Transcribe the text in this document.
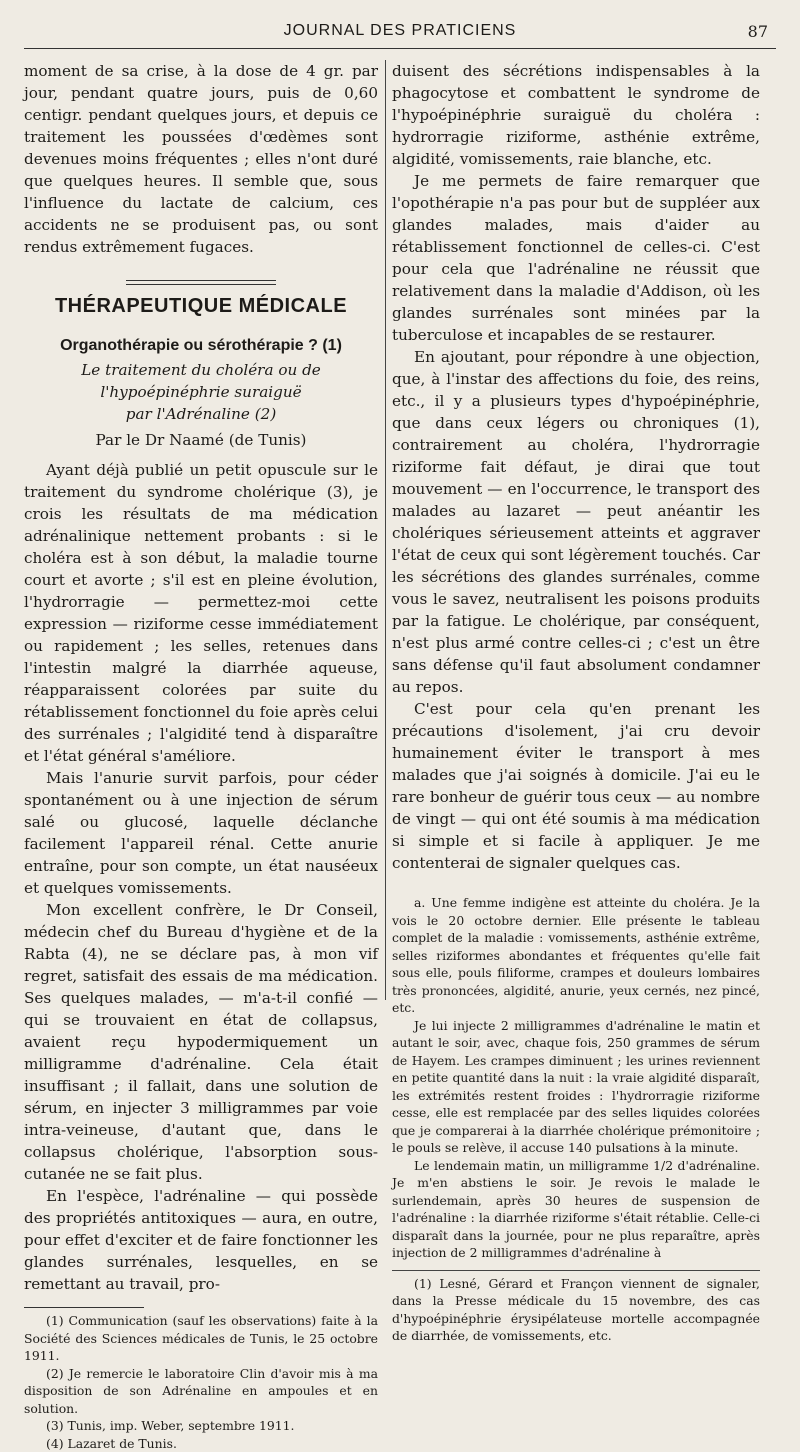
JOURNAL DES PRATICIENS	87

moment de sa crise, à la dose de 4 gr. par jour, pendant quatre jours, puis de 0,60 centigr. pendant quelques jours, et depuis ce traitement les poussées d'œdèmes sont devenues moins fréquentes ; elles n'ont duré que quelques heures. Il semble que, sous l'influence du lactate de calcium, ces accidents ne se produisent pas, ou sont rendus extrêmement fugaces.

THÉRAPEUTIQUE MÉDICALE
Organothérapie ou sérothérapie ? (1)

Le traitement du choléra ou de l'hypoépinéphrie suraiguë

par l'Adrénaline (2)

Par le Dr Naamé (de Tunis)

Ayant déjà publié un petit opuscule sur le traitement du syndrome cholérique (3), je crois les résultats de ma médication adrénalinique nettement probants : si le choléra est à son début, la maladie tourne court et avorte ; s'il est en pleine évolution, l'hydrorragie — permettez-moi cette expression — riziforme cesse immédiatement ou rapidement ; les selles, retenues dans l'intestin malgré la diarrhée aqueuse, réapparaissent colorées par suite du rétablissement fonctionnel du foie après celui des surrénales ; l'algidité tend à disparaître et l'état général s'améliore.

Mais l'anurie survit parfois, pour céder spontanément ou à une injection de sérum salé ou glucosé, laquelle déclanche facilement l'appareil rénal. Cette anurie entraîne, pour son compte, un état nauséeux et quelques vomissements.

Mon excellent confrère, le Dr Conseil, médecin chef du Bureau d'hygiène et de la Rabta (4), ne se déclare pas, à mon vif regret, satisfait des essais de ma médication. Ses quelques malades, — m'a-t-il confié — qui se trouvaient en état de collapsus, avaient reçu hypodermiquement un milligramme d'adrénaline. Cela était insuffisant ; il fallait, dans une solution de sérum, en injecter 3 milligrammes par voie intra-veineuse, d'autant que, dans le collapsus cholérique, l'absorption sous-cutanée ne se fait plus.

En l'espèce, l'adrénaline — qui possède des propriétés antitoxiques — aura, en outre, pour effet d'exciter et de faire fonctionner les glandes surrénales, lesquelles, en se remettant au travail, pro-

(1) Communication (sauf les observations) faite à la Société des Sciences médicales de Tunis, le 25 octobre 1911.

(2) Je remercie le laboratoire Clin d'avoir mis à ma disposition de son Adrénaline en ampoules et en solution.

(3) Tunis, imp. Weber, septembre 1911.

(4) Lazaret de Tunis.

duisent des sécrétions indispensables à la phagocytose et combattent le syndrome de l'hypoépinéphrie suraiguë du choléra : hydrorragie riziforme, asthénie extrême, algidité, vomissements, raie blanche, etc.

Je me permets de faire remarquer que l'opothérapie n'a pas pour but de suppléer aux glandes malades, mais d'aider au rétablissement fonctionnel de celles-ci. C'est pour cela que l'adrénaline ne réussit que relativement dans la maladie d'Addison, où les glandes surrénales sont minées par la tuberculose et incapables de se restaurer.

En ajoutant, pour répondre à une objection, que, à l'instar des affections du foie, des reins, etc., il y a plusieurs types d'hypoépinéphrie, que dans ceux légers ou chroniques (1), contrairement au choléra, l'hydrorragie riziforme fait défaut, je dirai que tout mouvement — en l'occurrence, le transport des malades au lazaret — peut anéantir les cholériques sérieusement atteints et aggraver l'état de ceux qui sont légèrement touchés. Car les sécrétions des glandes surrénales, comme vous le savez, neutralisent les poisons produits par la fatigue. Le cholérique, par conséquent, n'est plus armé contre celles-ci ; c'est un être sans défense qu'il faut absolument condamner au repos.

C'est pour cela qu'en prenant les précautions d'isolement, j'ai cru devoir humainement éviter le transport à mes malades que j'ai soignés à domicile. J'ai eu le rare bonheur de guérir tous ceux — au nombre de vingt — qui ont été soumis à ma médication si simple et si facile à appliquer. Je me contenterai de signaler quelques cas.

a. Une femme indigène est atteinte du choléra. Je la vois le 20 octobre dernier. Elle présente le tableau complet de la maladie : vomissements, asthénie extrême, selles riziformes abondantes et fréquentes qu'elle fait sous elle, pouls filiforme, crampes et douleurs lombaires très prononcées, algidité, anurie, yeux cernés, nez pincé, etc.

Je lui injecte 2 milligrammes d'adrénaline le matin et autant le soir, avec, chaque fois, 250 grammes de sérum de Hayem. Les crampes diminuent ; les urines reviennent en petite quantité dans la nuit : la vraie algidité disparaît, les extrémités restent froides : l'hydrorragie riziforme cesse, elle est remplacée par des selles liquides colorées que je comparerai à la diarrhée cholérique prémonitoire ; le pouls se relève, il accuse 140 pulsations à la minute.

Le lendemain matin, un milligramme 1/2 d'adrénaline. Je m'en abstiens le soir. Je revois le malade le surlendemain, après 30 heures de suspension de l'adrénaline : la diarrhée riziforme s'était rétablie. Celle-ci disparaît dans la journée, pour ne plus reparaître, après injection de 2 milligrammes d'adrénaline à

(1) Lesné, Gérard et Françon viennent de signaler, dans la Presse médicale du 15 novembre, des cas d'hypoépinéphrie érysipélateuse mortelle accompagnée de diarrhée, de vomissements, etc.
